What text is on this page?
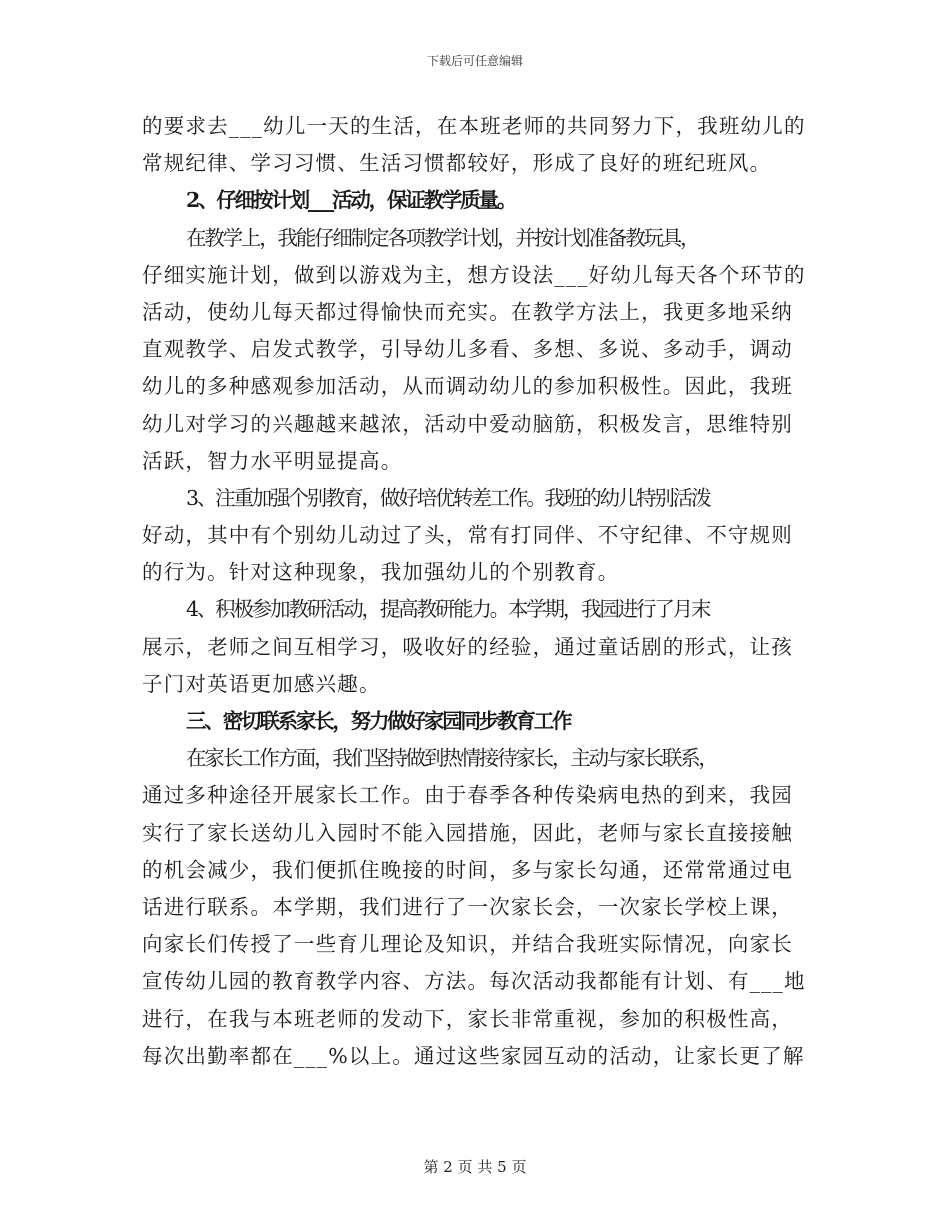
下载后可任意编辑
的要求去___幼儿一天的生活，在本班老师的共同努力下，我班幼儿的
常规纪律、学习习惯、生活习惯都较好，形成了良好的班纪班风。
2、仔细按计划___活动，保证教学质量。
在教学上，我能仔细制定各项教学计划，并按计划准备教玩具，
仔细实施计划，做到以游戏为主，想方设法___好幼儿每天各个环节的
活动，使幼儿每天都过得愉快而充实。在教学方法上，我更多地采纳
直观教学、启发式教学，引导幼儿多看、多想、多说、多动手，调动
幼儿的多种感观参加活动，从而调动幼儿的参加积极性。因此，我班
幼儿对学习的兴趣越来越浓，活动中爱动脑筋，积极发言，思维特别
活跃，智力水平明显提高。
3、注重加强个别教育，做好培优转差工作。我班的幼儿特别活泼
好动，其中有个别幼儿动过了头，常有打同伴、不守纪律、不守规则
的行为。针对这种现象，我加强幼儿的个别教育。
4、积极参加教研活动，提高教研能力。本学期，我园进行了月末
展示，老师之间互相学习，吸收好的经验，通过童话剧的形式，让孩
子门对英语更加感兴趣。
三、密切联系家长，努力做好家园同步教育工作
在家长工作方面，我们坚持做到热情接待家长，主动与家长联系，
通过多种途径开展家长工作。由于春季各种传染病电热的到来，我园
实行了家长送幼儿入园时不能入园措施，因此，老师与家长直接接触
的机会减少，我们便抓住晚接的时间，多与家长勾通，还常常通过电
话进行联系。本学期，我们进行了一次家长会，一次家长学校上课，
向家长们传授了一些育儿理论及知识，并结合我班实际情况，向家长
宣传幼儿园的教育教学内容、方法。每次活动我都能有计划、有___地
进行，在我与本班老师的发动下，家长非常重视，参加的积极性高，
每次出勤率都在___%以上。通过这些家园互动的活动，让家长更了解
第 2 页 共 5 页
